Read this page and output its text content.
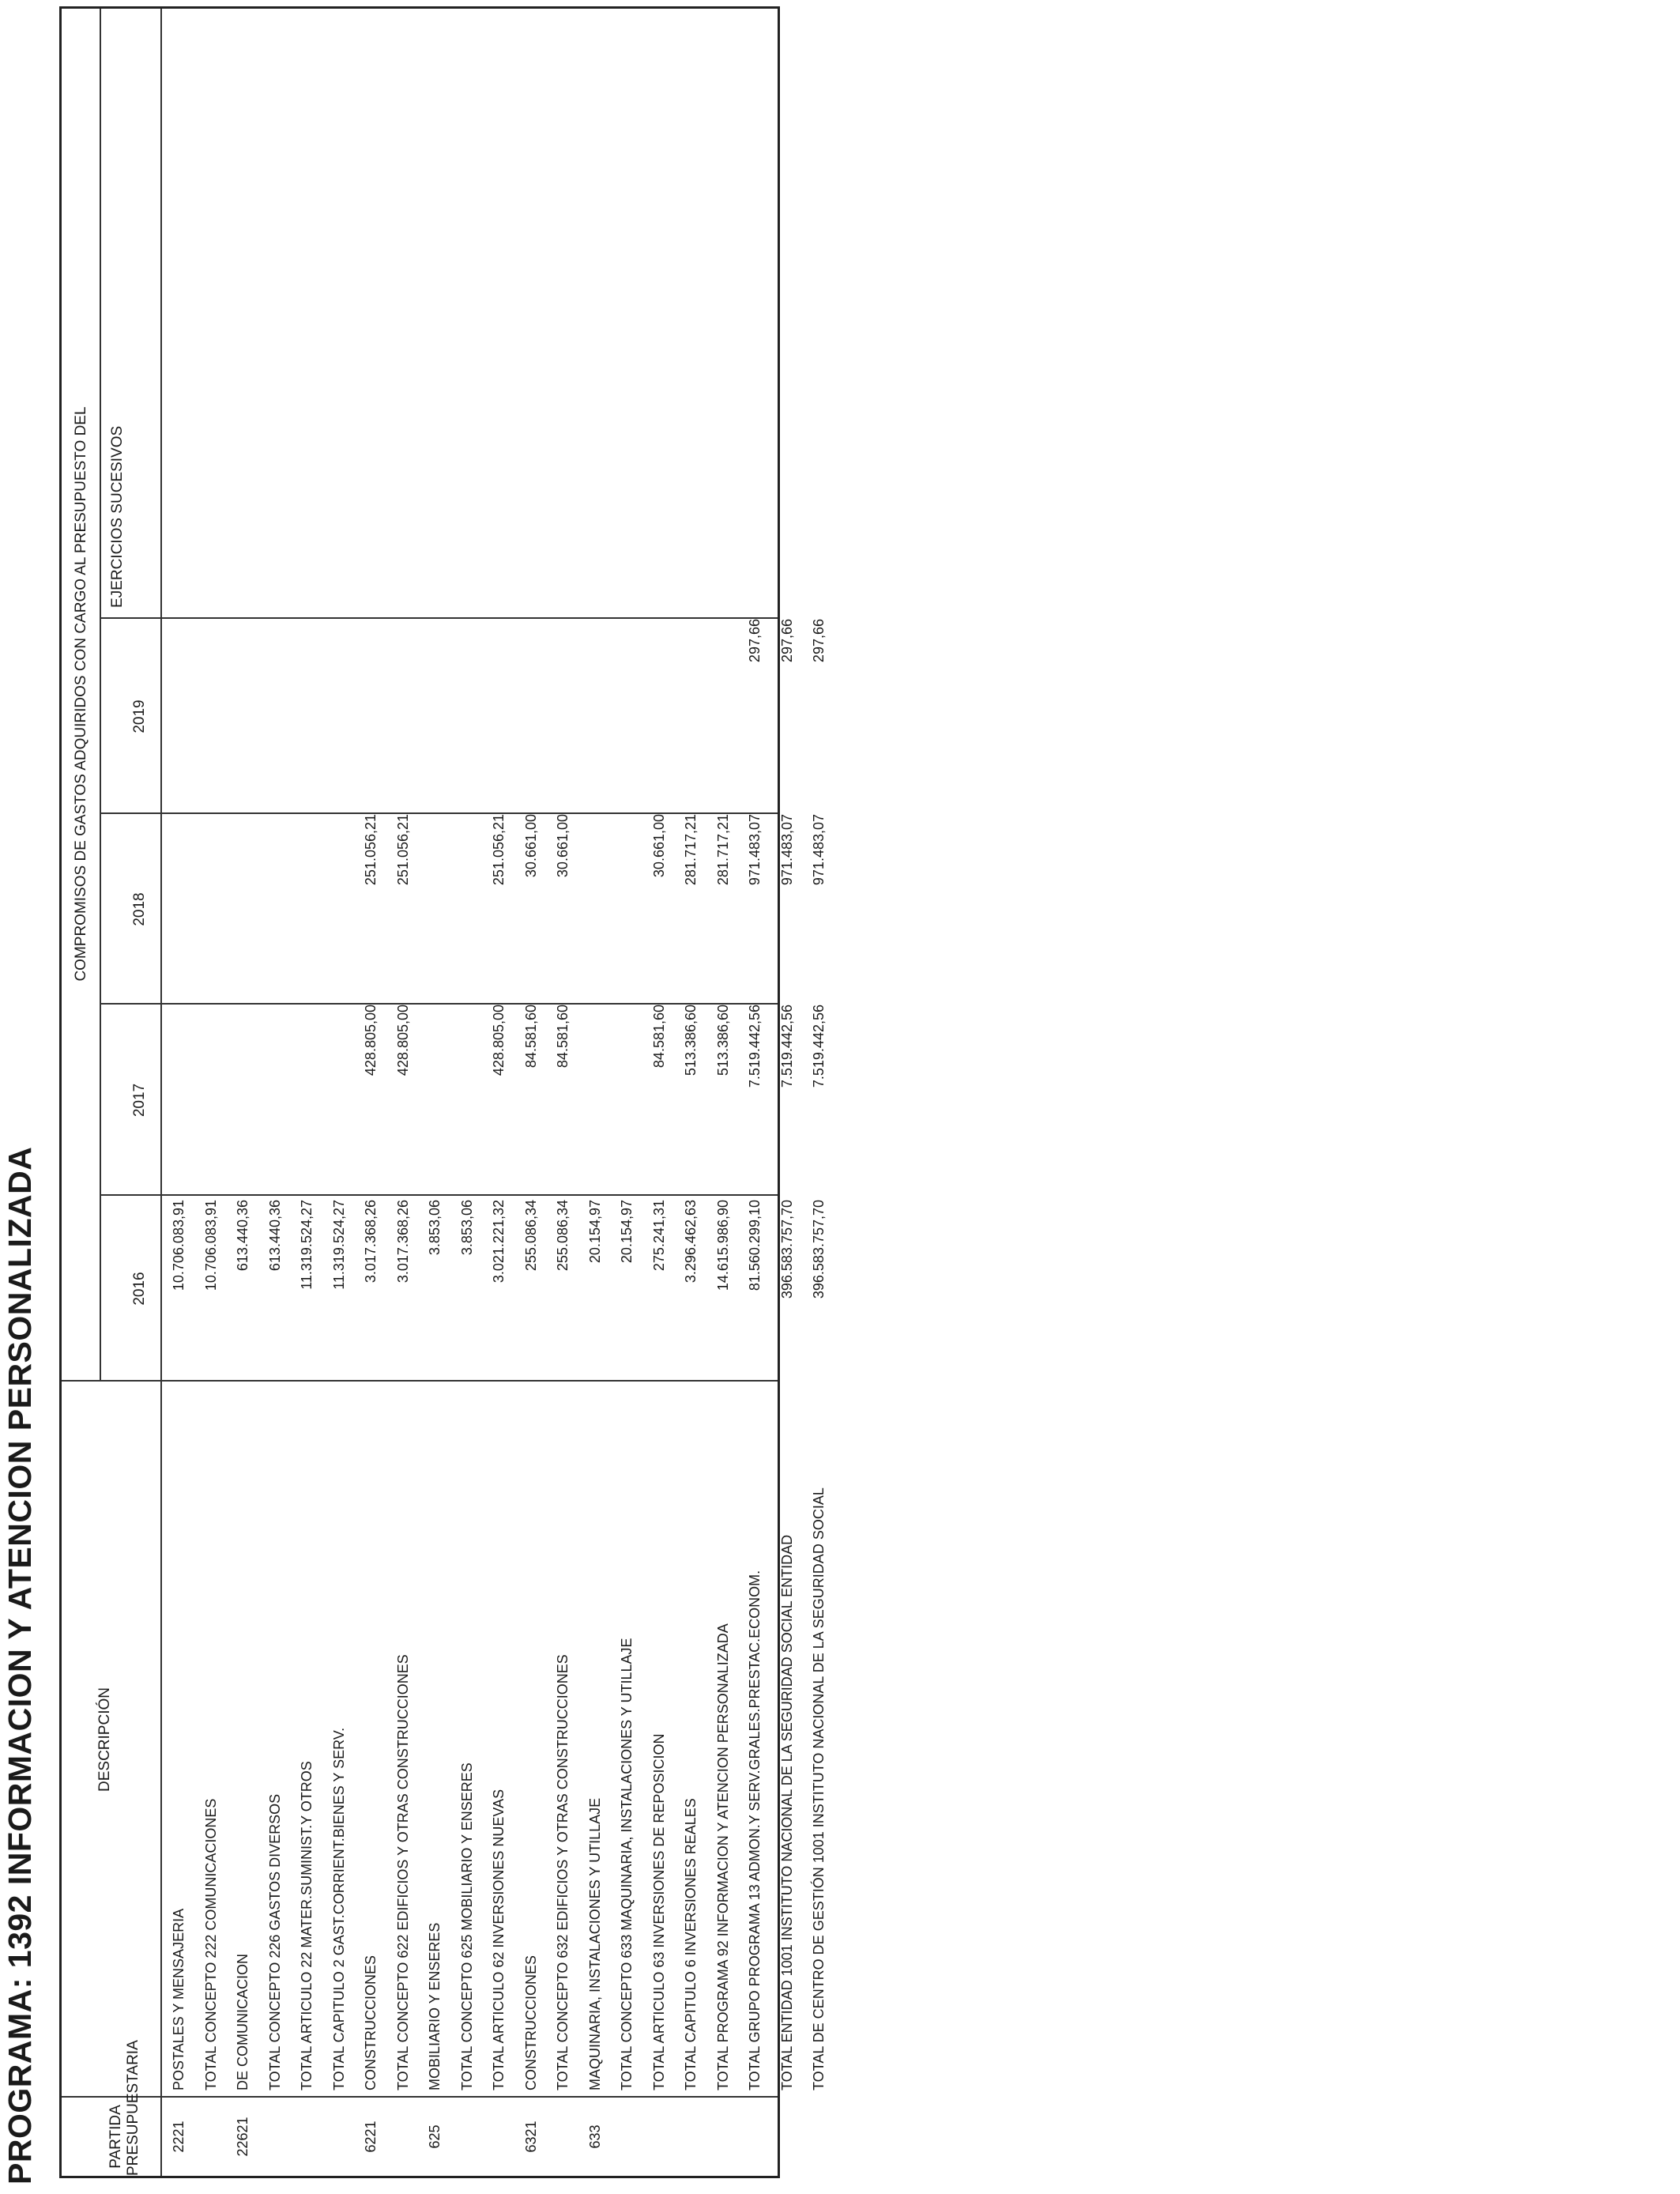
PROGRAMA: 1392 INFORMACION Y ATENCION PERSONALIZADA	PARTIDA PRESUPUESTARIA
DESCRIPCIÓN
COMPROMISOS DE GASTOS ADQUIRIDOS CON CARGO AL PRESUPUESTO DEL
2016
2017
2018
2019
EJERCICIOS SUCESIVOS
2221
POSTALES Y MENSAJERIA
10.706.083,91
TOTAL CONCEPTO 222 COMUNICACIONES
10.706.083,91
22621
DE COMUNICACION
613.440,36
TOTAL CONCEPTO 226 GASTOS DIVERSOS
613.440,36
TOTAL ARTICULO 22 MATER.SUMINIST.Y OTROS
11.319.524,27
TOTAL CAPITULO 2 GAST.CORRIENT.BIENES Y SERV.
11.319.524,27
6221
CONSTRUCCIONES
3.017.368,26
428.805,00
251.056,21
TOTAL CONCEPTO 622 EDIFICIOS Y OTRAS CONSTRUCCIONES
3.017.368,26
428.805,00
251.056,21
625
MOBILIARIO Y ENSERES
3.853,06
TOTAL CONCEPTO 625 MOBILIARIO Y ENSERES
3.853,06
TOTAL ARTICULO 62 INVERSIONES NUEVAS
3.021.221,32
428.805,00
251.056,21
6321
CONSTRUCCIONES
255.086,34
84.581,60
30.661,00
TOTAL CONCEPTO 632 EDIFICIOS Y OTRAS CONSTRUCCIONES
255.086,34
84.581,60
30.661,00
633
MAQUINARIA, INSTALACIONES Y UTILLAJE
20.154,97
TOTAL CONCEPTO 633 MAQUINARIA, INSTALACIONES Y UTILLAJE
20.154,97
TOTAL ARTICULO 63 INVERSIONES DE REPOSICION
275.241,31
84.581,60
30.661,00
TOTAL CAPITULO 6 INVERSIONES REALES
3.296.462,63
513.386,60
281.717,21
TOTAL PROGRAMA 92 INFORMACION Y ATENCION PERSONALIZADA
14.615.986,90
513.386,60
281.717,21
TOTAL GRUPO PROGRAMA 13 ADMON.Y SERV.GRALES.PRESTAC.ECONOM.
81.560.299,10
7.519.442,56
971.483,07
297,66
TOTAL ENTIDAD 1001 INSTITUTO NACIONAL DE LA SEGURIDAD SOCIAL ENTIDAD
396.583.757,70
7.519.442,56
971.483,07
297,66
TOTAL DE CENTRO DE GESTIÓN 1001 INSTITUTO NACIONAL DE LA SEGURIDAD SOCIAL
396.583.757,70
7.519.442,56
971.483,07
297,66
